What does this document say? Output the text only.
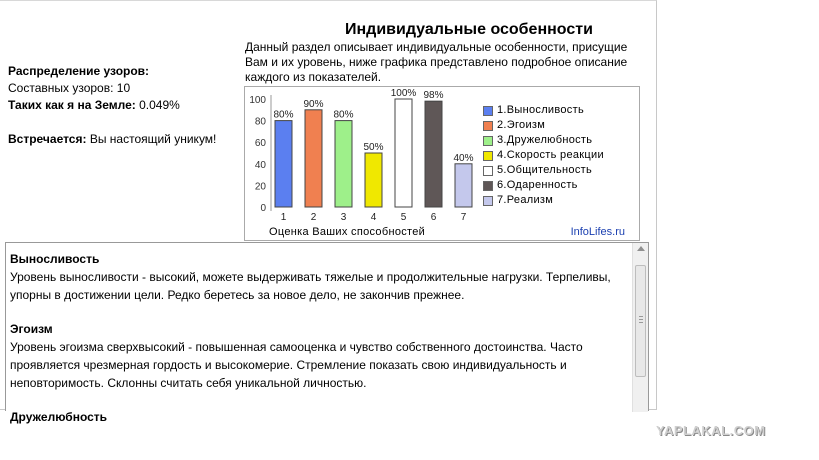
Распределение узоров:
Составных узоров: 10
Таких как я на Земле: 0.049%
Встречается: Вы настоящий уникум!
Индивидуальные особенности
Данный раздел описывает индивидуальные особенности, присущие Вам и их уровень, ниже графика представлено подробное описание каждого из показателей.
0
20
40
60
80
100
80%
1
90%
2
80%
3
50%
4
100%
5
98%
6
40%
7
1.Выносливость
2.Эгоизм
3.Дружелюбность
4.Скорость реакции
5.Общительность
6.Одаренность
7.Реализм
Оценка Ваших способностей	InfoLifes.ru
Выносливость
Уровень выносливости - высокий, можете выдерживать тяжелые и продолжительные нагрузки. Терпеливы, упорны в достижении цели. Редко беретесь за новое дело, не закончив прежнее.
Эгоизм
Уровень эгоизма сверхвысокий - повышенная самооценка и чувство собственного достоинства. Часто проявляется чрезмерная гордость и высокомерие. Стремление показать свою индивидуальность и неповторимость. Склонны считать себя уникальной личностью.
Дружелюбность
YAPLAKAL.COM
